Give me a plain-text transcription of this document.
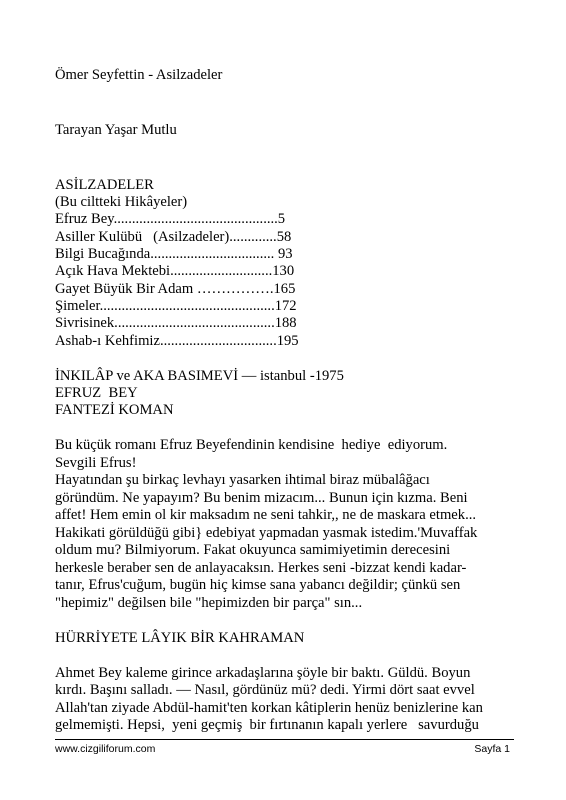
Ömer Seyfettin - Asilzadeler
Tarayan Yaşar Mutlu
ASİLZADELER
(Bu ciltteki Hikâyeler)
Efruz Bey.............................................5
Asiller Kulübü   (Asilzadeler).............58
Bilgi Bucağında.................................. 93
Açık Hava Mektebi............................130
Gayet Büyük Bir Adam …………….165
Şimeler................................................172
Sivrisinek............................................188
Ashab-ı Kehfimiz................................195
İNKILÂP ve AKA BASIMEVİ — istanbul -1975
EFRUZ  BEY
FANTEZİ KOMAN
Bu küçük romanı Efruz Beyefendinin kendisine  hediye  ediyorum.
Sevgili Efrus!
Hayatından şu birkaç levhayı yasarken ihtimal biraz mübalâğacı
göründüm. Ne yapayım? Bu benim mizacım... Bunun için kızma. Beni
affet! Hem emin ol kir maksadım ne seni tahkir,, ne de maskara etmek...
Hakikati görüldüğü gibi} edebiyat yapmadan yasmak istedim.'Muvaffak
oldum mu? Bilmiyorum. Fakat okuyunca samimiyetimin derecesini
herkesle beraber sen de anlayacaksın. Herkes seni -bizzat kendi kadar-
tanır, Efrus'cuğum, bugün hiç kimse sana yabancı değildir; çünkü sen
"hepimiz" değilsen bile "hepimizden bir parça" sın...
HÜRRİYETE LÂYIK BİR KAHRAMAN
Ahmet Bey kaleme girince arkadaşlarına şöyle bir baktı. Güldü. Boyun
kırdı. Başını salladı. — Nasıl, gördünüz mü? dedi. Yirmi dört saat evvel
Allah'tan ziyade Abdül-hamit'ten korkan kâtiplerin henüz benizlerine kan
gelmemişti. Hepsi,  yeni geçmiş  bir fırtınanın kapalı yerlere   savurduğu
www.cizgiliforum.com	Sayfa 1
